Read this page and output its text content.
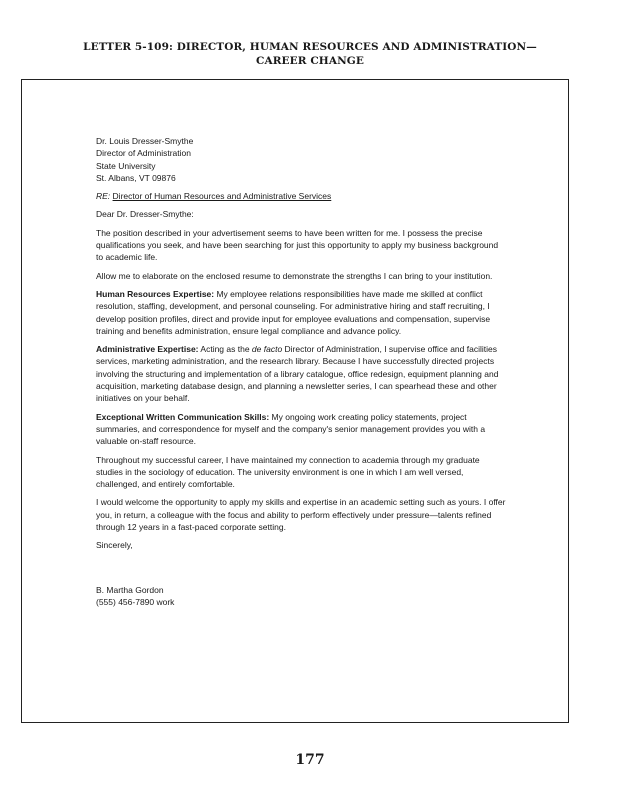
LETTER 5-109: DIRECTOR, HUMAN RESOURCES AND ADMINISTRATION—
CAREER CHANGE

Dr. Louis Dresser-Smythe
Director of Administration
State University
St. Albans, VT 09876

RE: Director of Human Resources and Administrative Services

Dear Dr. Dresser-Smythe:

The position described in your advertisement seems to have been written for me. I possess the precise qualifications you seek, and have been searching for just this opportunity to apply my business background to academic life.

Allow me to elaborate on the enclosed resume to demonstrate the strengths I can bring to your institution.

Human Resources Expertise: My employee relations responsibilities have made me skilled at conflict resolution, staffing, development, and personal counseling. For administrative hiring and staff recruiting, I develop position profiles, direct and provide input for employee evaluations and compensation, supervise training and benefits administration, ensure legal compliance and advance policy.

Administrative Expertise: Acting as the de facto Director of Administration, I supervise office and facilities services, marketing administration, and the research library. Because I have successfully directed projects involving the structuring and implementation of a library catalogue, office redesign, equipment planning and acquisition, marketing database design, and planning a newsletter series, I can spearhead these and other initiatives on your behalf.

Exceptional Written Communication Skills: My ongoing work creating policy statements, project summaries, and correspondence for myself and the company's senior management provides you with a valuable on-staff resource.

Throughout my successful career, I have maintained my connection to academia through my graduate studies in the sociology of education. The university environment is one in which I am well versed, challenged, and entirely comfortable.

I would welcome the opportunity to apply my skills and expertise in an academic setting such as yours. I offer you, in return, a colleague with the focus and ability to perform effectively under pressure—talents refined through 12 years in a fast-paced corporate setting.

Sincerely,

B. Martha Gordon
(555) 456-7890 work
177
